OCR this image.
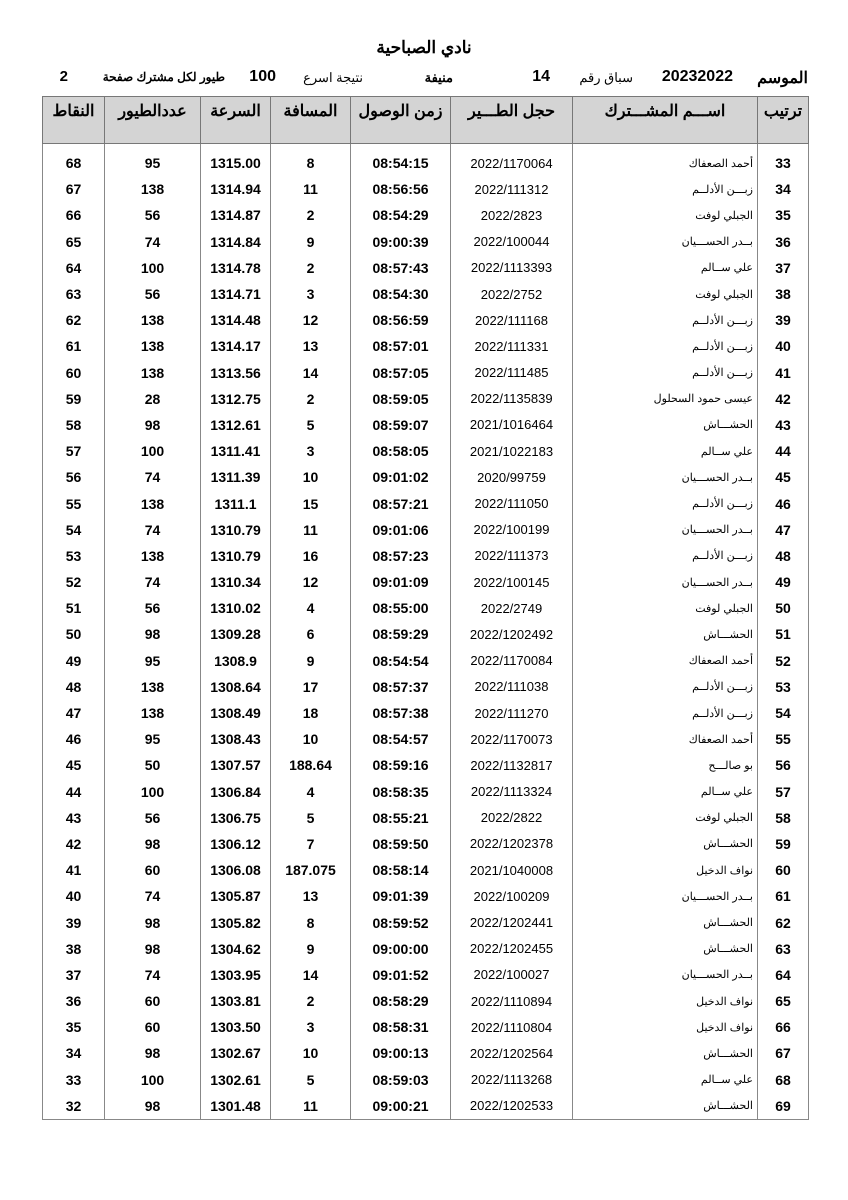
نادي الصباحية
الموسم
20232022
سباق رقم
14
منيفة
نتيجة اسرع
100
طيور لكل مشترك صفحة
2
ترتيب	اســـم المشـــترك	حجل الطـــير	زمن الوصول	المسافة	السرعة	عددالطيور	النقاط
33	أحمد الصعفاك	2022/1170064	08:54:15	8	1315.00	95	68
34	زبـــن الأدلــم	2022/111312	08:56:56	11	1314.94	138	67
35	الجبلي لوفت	2022/2823	08:54:29	2	1314.87	56	66
36	بــدر الحســـيان	2022/100044	09:00:39	9	1314.84	74	65
37	علي ســالم	2022/1113393	08:57:43	2	1314.78	100	64
38	الجبلي لوفت	2022/2752	08:54:30	3	1314.71	56	63
39	زبـــن الأدلــم	2022/111168	08:56:59	12	1314.48	138	62
40	زبـــن الأدلــم	2022/111331	08:57:01	13	1314.17	138	61
41	زبـــن الأدلــم	2022/111485	08:57:05	14	1313.56	138	60
42	عيسى حمود السحلول	2022/1135839	08:59:05	2	1312.75	28	59
43	الحشـــاش	2021/1016464	08:59:07	5	1312.61	98	58
44	علي ســالم	2021/1022183	08:58:05	3	1311.41	100	57
45	بــدر الحســـيان	2020/99759	09:01:02	10	1311.39	74	56
46	زبـــن الأدلــم	2022/111050	08:57:21	15	1311.1	138	55
47	بــدر الحســـيان	2022/100199	09:01:06	11	1310.79	74	54
48	زبـــن الأدلــم	2022/111373	08:57:23	16	1310.79	138	53
49	بــدر الحســـيان	2022/100145	09:01:09	12	1310.34	74	52
50	الجبلي لوفت	2022/2749	08:55:00	4	1310.02	56	51
51	الحشـــاش	2022/1202492	08:59:29	6	1309.28	98	50
52	أحمد الصعفاك	2022/1170084	08:54:54	9	1308.9	95	49
53	زبـــن الأدلــم	2022/111038	08:57:37	17	1308.64	138	48
54	زبـــن الأدلــم	2022/111270	08:57:38	18	1308.49	138	47
55	أحمد الصعفاك	2022/1170073	08:54:57	10	1308.43	95	46
56	بو صالـــح	2022/1132817	08:59:16	188.64	1307.57	50	45
57	علي ســالم	2022/1113324	08:58:35	4	1306.84	100	44
58	الجبلي لوفت	2022/2822	08:55:21	5	1306.75	56	43
59	الحشـــاش	2022/1202378	08:59:50	7	1306.12	98	42
60	نواف الدخيل	2021/1040008	08:58:14	187.075	1306.08	60	41
61	بــدر الحســـيان	2022/100209	09:01:39	13	1305.87	74	40
62	الحشـــاش	2022/1202441	08:59:52	8	1305.82	98	39
63	الحشـــاش	2022/1202455	09:00:00	9	1304.62	98	38
64	بــدر الحســـيان	2022/100027	09:01:52	14	1303.95	74	37
65	نواف الدخيل	2022/1110894	08:58:29	2	1303.81	60	36
66	نواف الدخيل	2022/1110804	08:58:31	3	1303.50	60	35
67	الحشـــاش	2022/1202564	09:00:13	10	1302.67	98	34
68	علي ســالم	2022/1113268	08:59:03	5	1302.61	100	33
69	الحشـــاش	2022/1202533	09:00:21	11	1301.48	98	32
